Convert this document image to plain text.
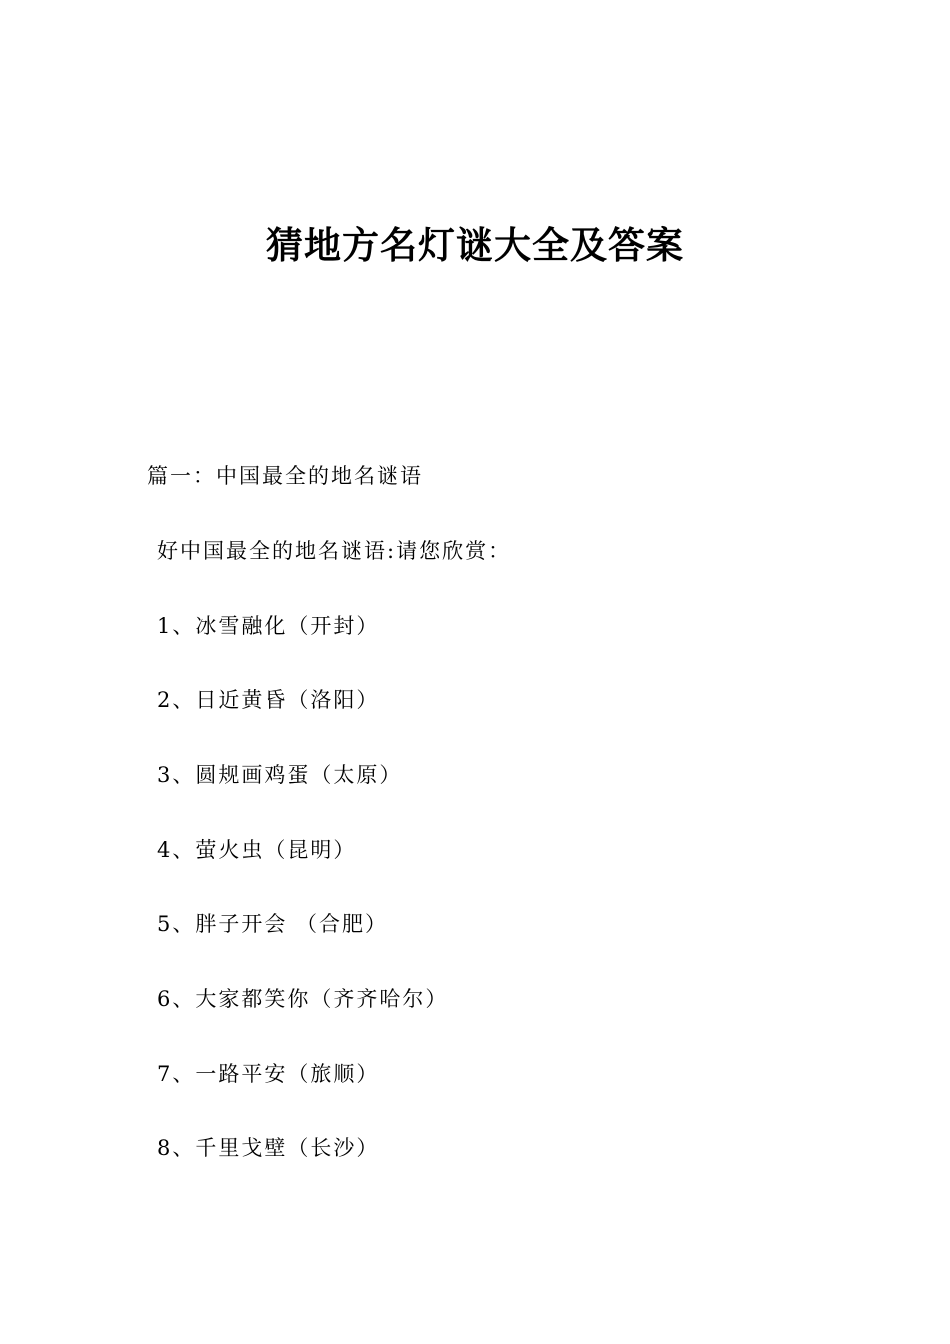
猜地方名灯谜大全及答案
篇一：中国最全的地名谜语
好中国最全的地名谜语:请您欣赏：
1、冰雪融化（开封）
2、日近黄昏（洛阳）
3、圆规画鸡蛋（太原）
4、萤火虫（昆明）
5、胖子开会 （合肥）
6、大家都笑你（齐齐哈尔）
7、一路平安（旅顺）
8、千里戈壁（长沙）
